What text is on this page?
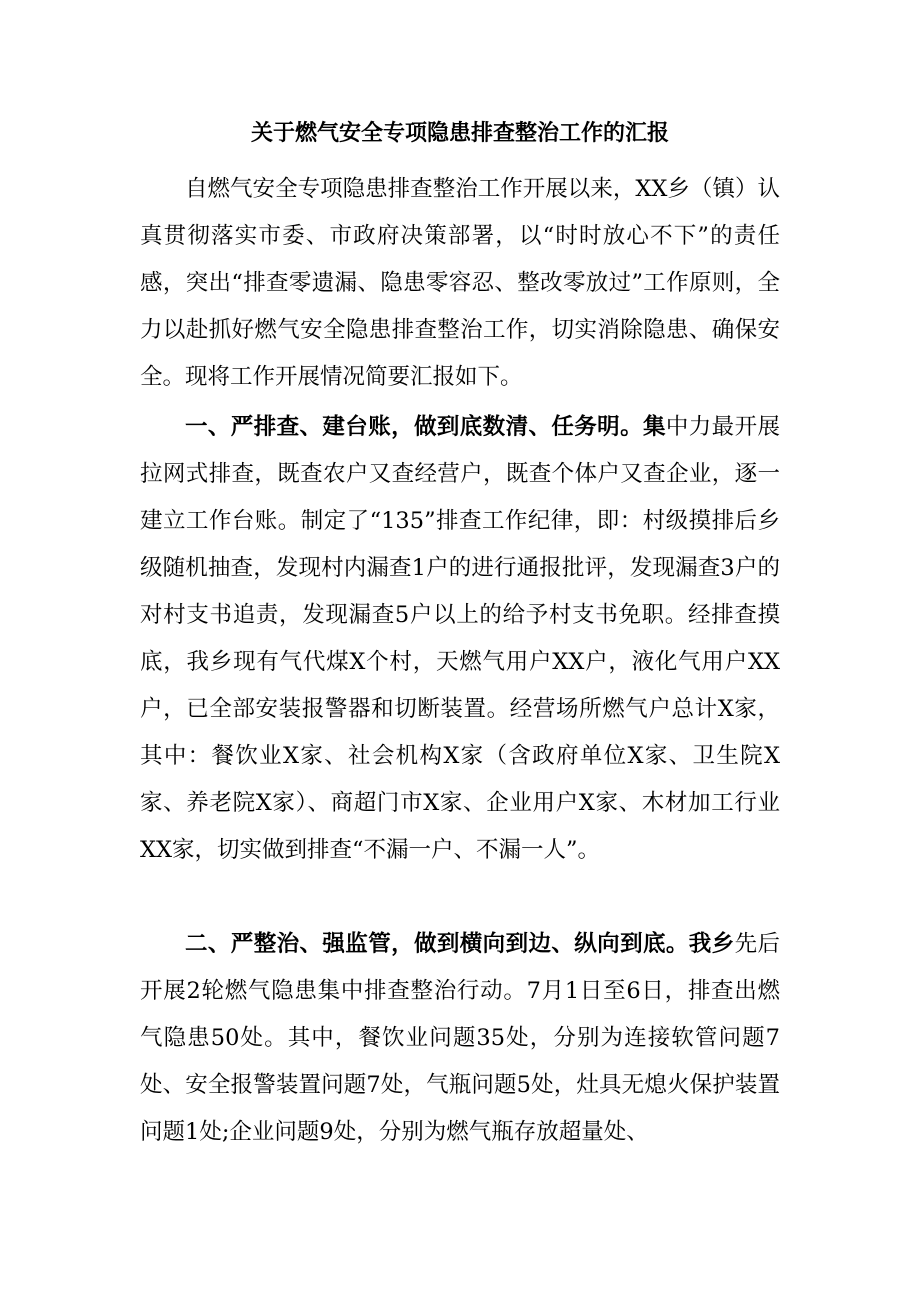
关于燃气安全专项隐患排查整治工作的汇报

自燃气安全专项隐患排查整治工作开展以来，XX乡（镇）认真贯彻落实市委、市政府决策部署，以“时时放心不下”的责任感，突出“排查零遗漏、隐患零容忍、整改零放过”工作原则，全力以赴抓好燃气安全隐患排查整治工作，切实消除隐患、确保安全。现将工作开展情况简要汇报如下。

一、严排查、建台账，做到底数清、任务明。集中力最开展拉网式排查，既查农户又查经营户，既查个体户又查企业，逐一建立工作台账。制定了“135”排查工作纪律，即：村级摸排后乡级随机抽查，发现村内漏查1户的进行通报批评，发现漏查3户的对村支书追责，发现漏查5户以上的给予村支书免职。经排查摸底，我乡现有气代煤X个村，天燃气用户XX户，液化气用户XX户，已全部安装报警器和切断装置。经营场所燃气户总计X家，其中：餐饮业X家、社会机构X家（含政府单位X家、卫生院X家、养老院X家）、商超门市X家、企业用户X家、木材加工行业XX家，切实做到排查“不漏一户、不漏一人”。

二、严整治、强监管，做到横向到边、纵向到底。我乡先后开展2轮燃气隐患集中排查整治行动。7月1日至6日，排查出燃气隐患50处。其中，餐饮业问题35处，分别为连接软管问题7处、安全报警装置问题7处，气瓶问题5处，灶具无熄火保护装置问题1处;企业问题9处，分别为燃气瓶存放超量处、
